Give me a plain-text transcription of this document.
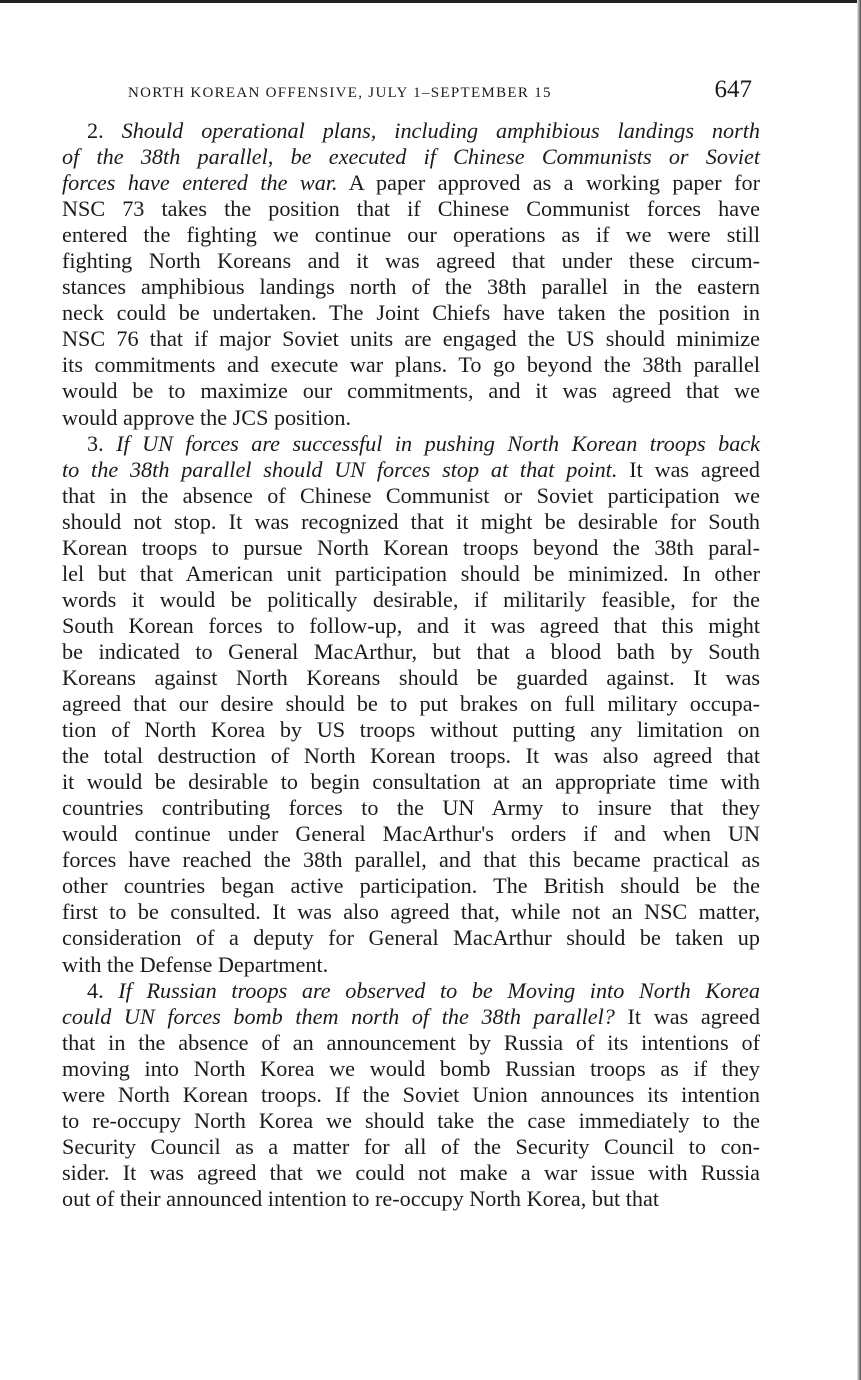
NORTH KOREAN OFFENSIVE, JULY 1–SEPTEMBER 15	647
2. Should operational plans, including amphibious landings north
of the 38th parallel, be executed if Chinese Communists or Soviet
forces have entered the war. A paper approved as a working paper for
NSC 73 takes the position that if Chinese Communist forces have
entered the fighting we continue our operations as if we were still
fighting North Koreans and it was agreed that under these circum-
stances amphibious landings north of the 38th parallel in the eastern
neck could be undertaken. The Joint Chiefs have taken the position in
NSC 76 that if major Soviet units are engaged the US should minimize
its commitments and execute war plans. To go beyond the 38th parallel
would be to maximize our commitments, and it was agreed that we
would approve the JCS position.
3. If UN forces are successful in pushing North Korean troops back
to the 38th parallel should UN forces stop at that point. It was agreed
that in the absence of Chinese Communist or Soviet participation we
should not stop. It was recognized that it might be desirable for South
Korean troops to pursue North Korean troops beyond the 38th paral-
lel but that American unit participation should be minimized. In other
words it would be politically desirable, if militarily feasible, for the
South Korean forces to follow-up, and it was agreed that this might
be indicated to General MacArthur, but that a blood bath by South
Koreans against North Koreans should be guarded against. It was
agreed that our desire should be to put brakes on full military occupa-
tion of North Korea by US troops without putting any limitation on
the total destruction of North Korean troops. It was also agreed that
it would be desirable to begin consultation at an appropriate time with
countries contributing forces to the UN Army to insure that they
would continue under General MacArthur's orders if and when UN
forces have reached the 38th parallel, and that this became practical as
other countries began active participation. The British should be the
first to be consulted. It was also agreed that, while not an NSC matter,
consideration of a deputy for General MacArthur should be taken up
with the Defense Department.
4. If Russian troops are observed to be Moving into North Korea
could UN forces bomb them north of the 38th parallel? It was agreed
that in the absence of an announcement by Russia of its intentions of
moving into North Korea we would bomb Russian troops as if they
were North Korean troops. If the Soviet Union announces its intention
to re-occupy North Korea we should take the case immediately to the
Security Council as a matter for all of the Security Council to con-
sider. It was agreed that we could not make a war issue with Russia
out of their announced intention to re-occupy North Korea, but that
